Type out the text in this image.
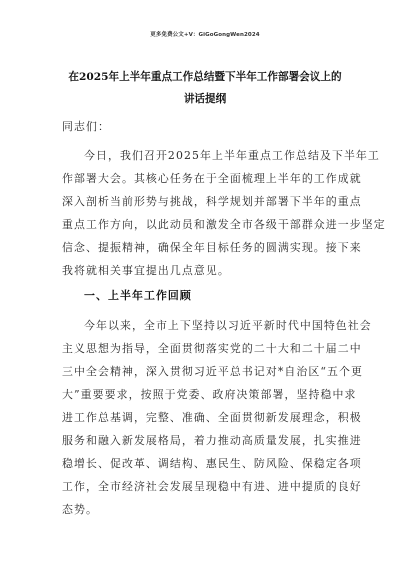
更多免费公文+V：GiGoGongWen2024
在2025年上半年重点工作总结暨下半年工作部署会议上的
讲话提纲
同志们：
今日，我们召开2025年上半年重点工作总结及下半年工
作部署大会。其核心任务在于全面梳理上半年的工作成就
深入剖析当前形势与挑战，科学规划并部署下半年的重点
重点工作方向，以此动员和激发全市各级干部群众进一步坚定
信念、提振精神，确保全年目标任务的圆满实现。接下来
我将就相关事宜提出几点意见。
一、上半年工作回顾
今年以来，全市上下坚持以习近平新时代中国特色社会
主义思想为指导，全面贯彻落实党的二十大和二十届二中
三中全会精神，深入贯彻习近平总书记对*自治区“五个更
大”重要要求，按照于党委、政府决策部署，坚持稳中求
进工作总基调，完整、准确、全面贯彻新发展理念，积极
服务和融入新发展格局，着力推动高质量发展，扎实推进
稳增长、促改革、调结构、惠民生、防风险、保稳定各项
工作，全市经济社会发展呈现稳中有进、进中提质的良好
态势。
